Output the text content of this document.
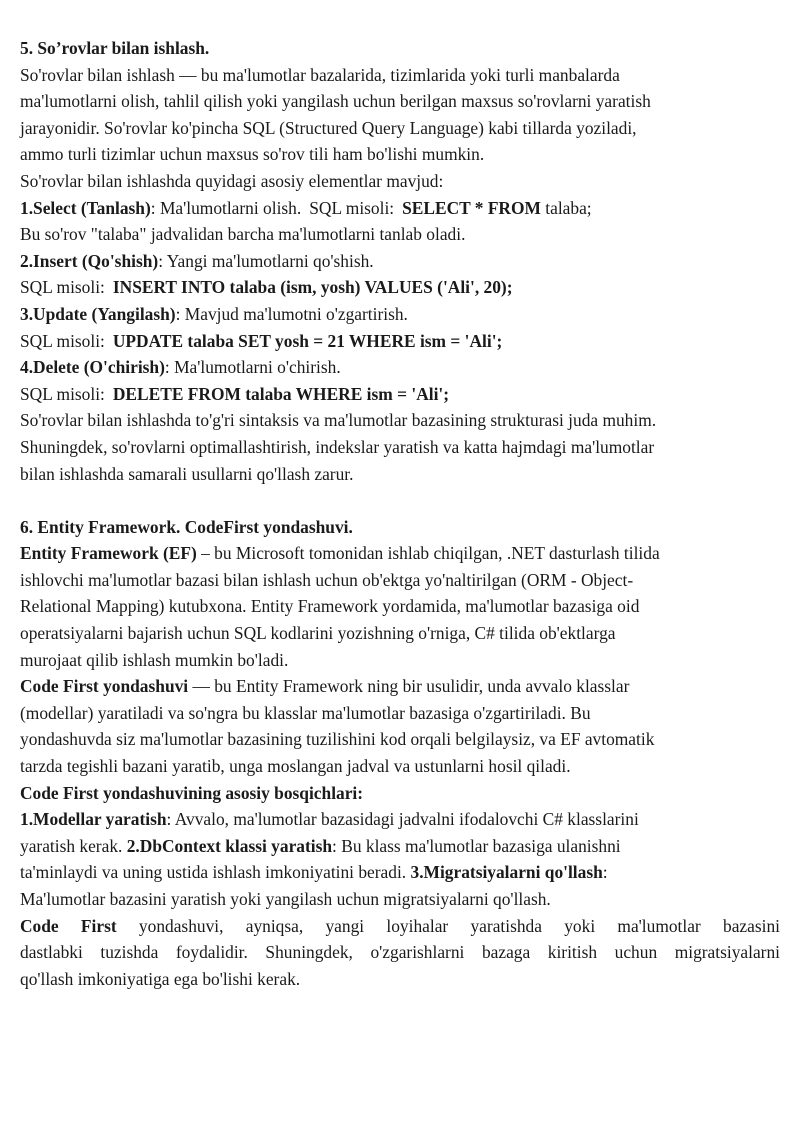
5. So’rovlar bilan ishlash.
So'rovlar bilan ishlash — bu ma'lumotlar bazalarida, tizimlarida yoki turli manbalarda
ma'lumotlarni olish, tahlil qilish yoki yangilash uchun berilgan maxsus so'rovlarni yaratish
jarayonidir. So'rovlar ko'pincha SQL (Structured Query Language) kabi tillarda yoziladi,
ammo turli tizimlar uchun maxsus so'rov tili ham bo'lishi mumkin.
So'rovlar bilan ishlashda quyidagi asosiy elementlar mavjud:
1.Select (Tanlash): Ma'lumotlarni olish. SQL misoli: SELECT * FROM talaba;
Bu so'rov "talaba" jadvalidan barcha ma'lumotlarni tanlab oladi.
2.Insert (Qo'shish): Yangi ma'lumotlarni qo'shish.
SQL misoli: INSERT INTO talaba (ism, yosh) VALUES ('Ali', 20);
3.Update (Yangilash): Mavjud ma'lumotni o'zgartirish.
SQL misoli: UPDATE talaba SET yosh = 21 WHERE ism = 'Ali';
4.Delete (O'chirish): Ma'lumotlarni o'chirish.
SQL misoli: DELETE FROM talaba WHERE ism = 'Ali';
So'rovlar bilan ishlashda to'g'ri sintaksis va ma'lumotlar bazasining strukturasi juda muhim.
Shuningdek, so'rovlarni optimallashtirish, indekslar yaratish va katta hajmdagi ma'lumotlar
bilan ishlashda samarali usullarni qo'llash zarur.
6. Entity Framework. CodeFirst yondashuvi.
Entity Framework (EF) – bu Microsoft tomonidan ishlab chiqilgan, .NET dasturlash tilida
ishlovchi ma'lumotlar bazasi bilan ishlash uchun ob'ektga yo'naltirilgan (ORM - Object-
Relational Mapping) kutubxona. Entity Framework yordamida, ma'lumotlar bazasiga oid
operatsiyalarni bajarish uchun SQL kodlarini yozishning o'rniga, C# tilida ob'ektlarga
murojaat qilib ishlash mumkin bo'ladi.
Code First yondashuvi — bu Entity Framework ning bir usulidir, unda avvalo klasslar
(modellar) yaratiladi va so'ngra bu klasslar ma'lumotlar bazasiga o'zgartiriladi. Bu
yondashuvda siz ma'lumotlar bazasining tuzilishini kod orqali belgilaysiz, va EF avtomatik
tarzda tegishli bazani yaratib, unga moslangan jadval va ustunlarni hosil qiladi.
Code First yondashuvining asosiy bosqichlari:
1.Modellar yaratish: Avvalo, ma'lumotlar bazasidagi jadvalni ifodalovchi C# klasslarini
yaratish kerak. 2.DbContext klassi yaratish: Bu klass ma'lumotlar bazasiga ulanishni
ta'minlaydi va uning ustida ishlash imkoniyatini beradi. 3.Migratsiyalarni qo'llash:
Ma'lumotlar bazasini yaratish yoki yangilash uchun migratsiyalarni qo'llash.
Code First yondashuvi, ayniqsa, yangi loyihalar yaratishda yoki ma'lumotlar bazasini
dastlabki tuzishda foydalidir. Shuningdek, o'zgarishlarni bazaga kiritish uchun migratsiyalarni
qo'llash imkoniyatiga ega bo'lishi kerak.
